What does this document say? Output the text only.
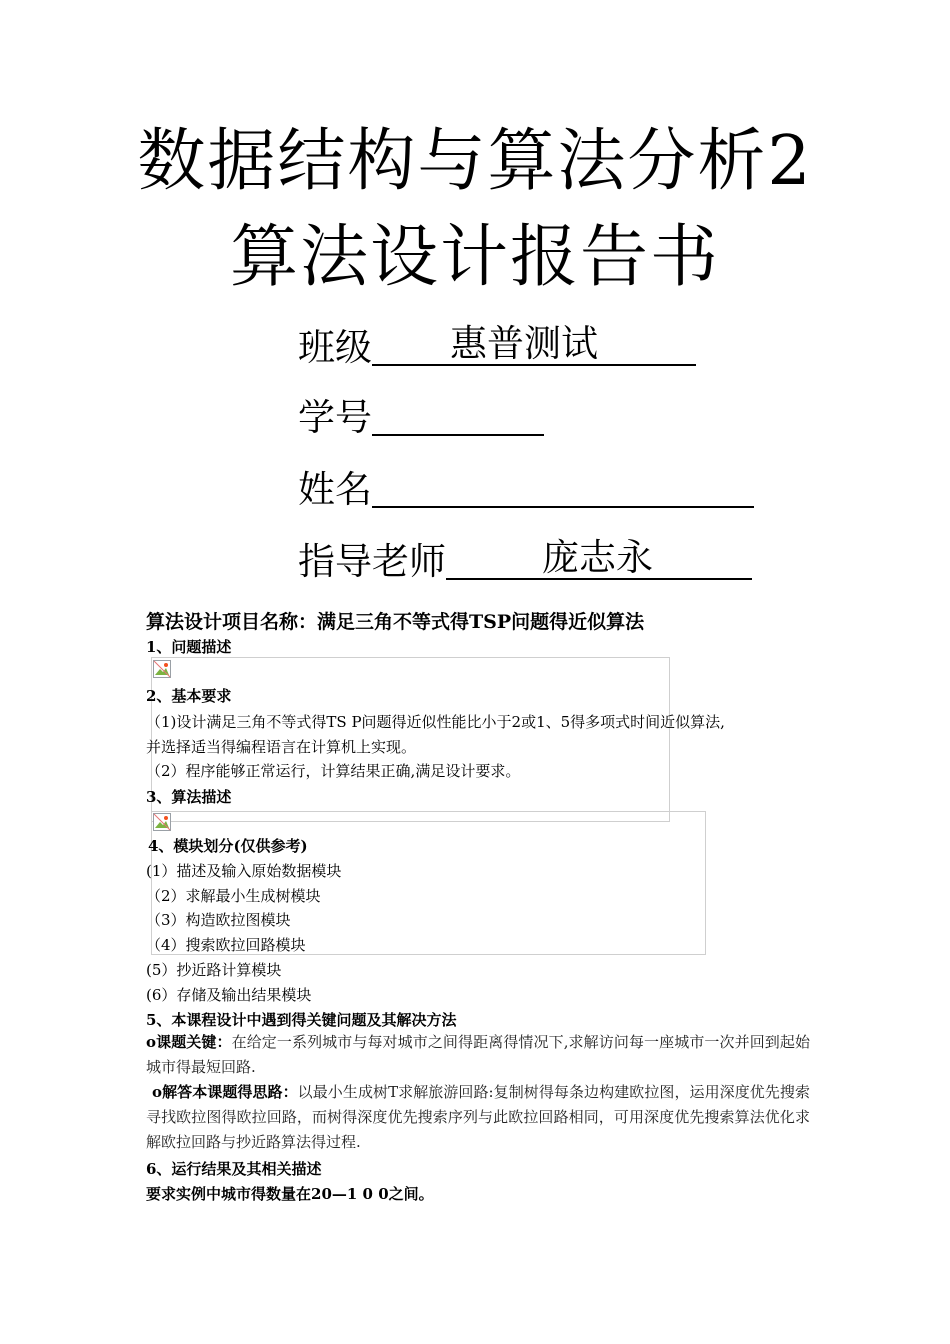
数据结构与算法分析2
算法设计报告书
班级 惠普测试
学号
姓名
指导老师	庞志永
算法设计项目名称：满足三角不等式得TSP问题得近似算法
1、问题描述
2、基本要求
（1)设计满足三角不等式得TS P问题得近似性能比小于2或1、5得多项式时间近似算法,
并选择适当得编程语言在计算机上实现。
（2）程序能够正常运行，计算结果正确,满足设计要求。
3、算法描述
4、模块划分(仅供参考)
(1）描述及输入原始数据模块
（2）求解最小生成树模块
（3）构造欧拉图模块
（4）搜索欧拉回路模块
(5）抄近路计算模块
(6）存储及输出结果模块
5、本课程设计中遇到得关键问题及其解决方法
o课题关键：在给定一系列城市与每对城市之间得距离得情况下,求解访问每一座城市一次并回到起始城市得最短回路.
o解答本课题得思路：以最小生成树T求解旅游回路:复制树得每条边构建欧拉图，运用深度优先搜索寻找欧拉图得欧拉回路，而树得深度优先搜索序列与此欧拉回路相同，可用深度优先搜索算法优化求解欧拉回路与抄近路算法得过程.
6、运行结果及其相关描述
要求实例中城市得数量在20—1 0 0之间。
